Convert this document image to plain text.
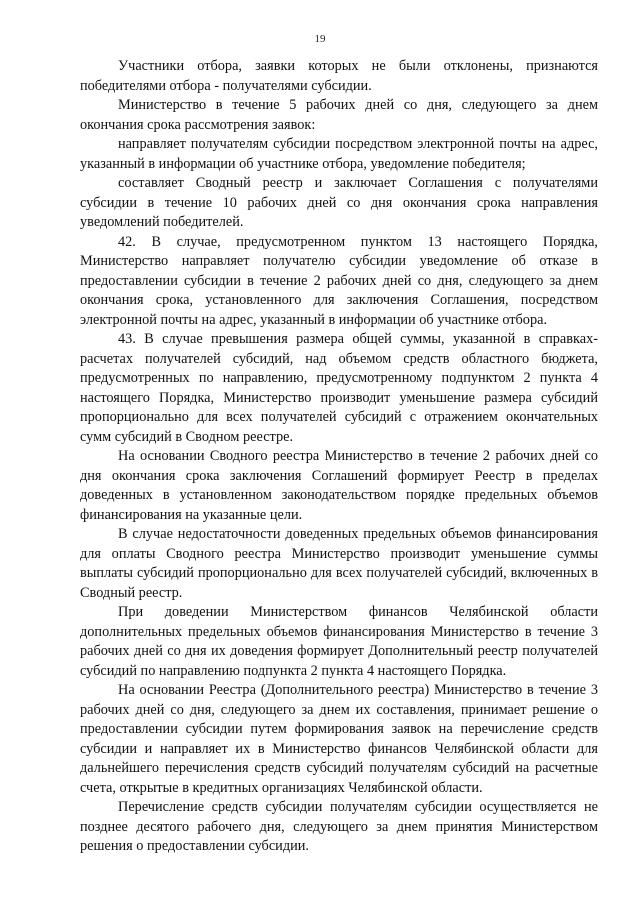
19

Участники отбора, заявки которых не были отклонены, признаются победителями отбора - получателями субсидии.

Министерство в течение 5 рабочих дней со дня, следующего за днем окончания срока рассмотрения заявок:

направляет получателям субсидии посредством электронной почты на адрес, указанный в информации об участнике отбора, уведомление победителя;

составляет Сводный реестр и заключает Соглашения с получателями субсидии в течение 10 рабочих дней со дня окончания срока направления уведомлений победителей.

42. В случае, предусмотренном пунктом 13 настоящего Порядка, Министерство направляет получателю субсидии уведомление об отказе в предоставлении субсидии в течение 2 рабочих дней со дня, следующего за днем окончания срока, установленного для заключения Соглашения, посредством электронной почты на адрес, указанный в информации об участнике отбора.

43. В случае превышения размера общей суммы, указанной в справках-расчетах получателей субсидий, над объемом средств областного бюджета, предусмотренных по направлению, предусмотренному подпунктом 2 пункта 4 настоящего Порядка, Министерство производит уменьшение размера субсидий пропорционально для всех получателей субсидий с отражением окончательных сумм субсидий в Сводном реестре.

На основании Сводного реестра Министерство в течение 2 рабочих дней со дня окончания срока заключения Соглашений формирует Реестр в пределах доведенных в установленном законодательством порядке предельных объемов финансирования на указанные цели.

В случае недостаточности доведенных предельных объемов финансирования для оплаты Сводного реестра Министерство производит уменьшение суммы выплаты субсидий пропорционально для всех получателей субсидий, включенных в Сводный реестр.

При доведении Министерством финансов Челябинской области дополнительных предельных объемов финансирования Министерство в течение 3 рабочих дней со дня их доведения формирует Дополнительный реестр получателей субсидий по направлению подпункта 2 пункта 4 настоящего Порядка.

На основании Реестра (Дополнительного реестра) Министерство в течение 3 рабочих дней со дня, следующего за днем их составления, принимает решение о предоставлении субсидии путем формирования заявок на перечисление средств субсидии и направляет их в Министерство финансов Челябинской области для дальнейшего перечисления средств субсидий получателям субсидий на расчетные счета, открытые в кредитных организациях Челябинской области.

Перечисление средств субсидии получателям субсидии осуществляется не позднее десятого рабочего дня, следующего за днем принятия Министерством решения о предоставлении субсидии.
